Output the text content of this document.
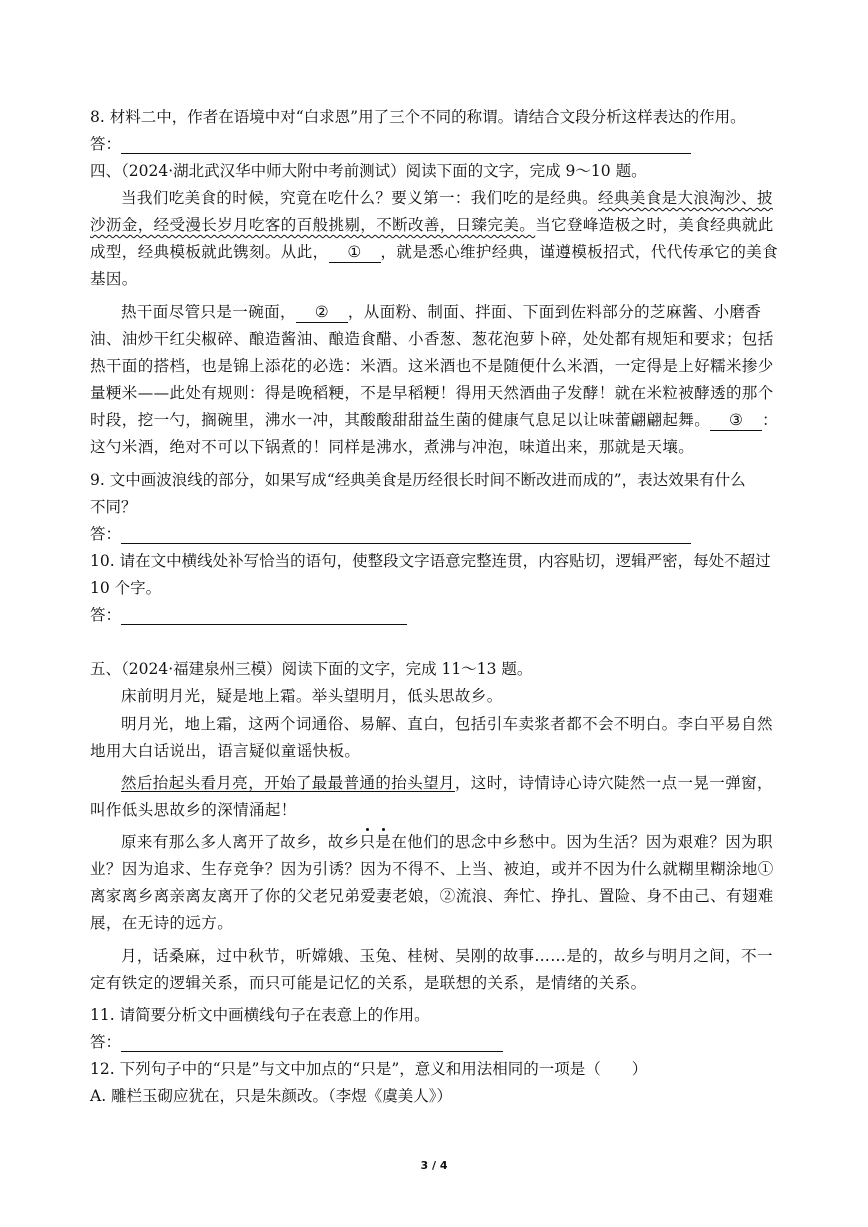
8. 材料二中，作者在语境中对“白求恩”用了三个不同的称谓。请结合文段分析这样表达的作用。
答：
四、（2024·湖北武汉华中师大附中考前测试）阅读下面的文字，完成 9～10 题。
当我们吃美食的时候，究竟在吃什么？要义第一：我们吃的是经典。经典美食是大浪淘沙、披
沙沥金，经受漫长岁月吃客的百般挑剔，不断改善，日臻完美。当它登峰造极之时，美食经典就此
成型，经典模板就此镌刻。从此， ① ，就是悉心维护经典，谨遵模板招式，代代传承它的美食
基因。
热干面尽管只是一碗面， ② ，从面粉、制面、拌面、下面到佐料部分的芝麻酱、小磨香
油、油炒干红尖椒碎、酿造酱油、酿造食醋、小香葱、葱花泡萝卜碎，处处都有规矩和要求；包括
热干面的搭档，也是锦上添花的必选：米酒。这米酒也不是随便什么米酒，一定得是上好糯米掺少
量粳米——此处有规则：得是晚稻粳，不是早稻粳！得用天然酒曲子发酵！就在米粒被酵透的那个
时段，挖一勺，搁碗里，沸水一冲，其酸酸甜甜益生菌的健康气息足以让味蕾翩翩起舞。 ③ ：
这勺米酒，绝对不可以下锅煮的！同样是沸水，煮沸与冲泡，味道出来，那就是天壤。
9. 文中画波浪线的部分，如果写成“经典美食是历经很长时间不断改进而成的”，表达效果有什么
不同？
答：
10. 请在文中横线处补写恰当的语句，使整段文字语意完整连贯，内容贴切，逻辑严密，每处不超过
10 个字。
答：
五、（2024·福建泉州三模）阅读下面的文字，完成 11～13 题。
床前明月光，疑是地上霜。举头望明月，低头思故乡。
明月光，地上霜，这两个词通俗、易解、直白，包括引车卖浆者都不会不明白。李白平易自然
地用大白话说出，语言疑似童谣快板。
然后抬起头看月亮，开始了最最普通的抬头望月，这时，诗情诗心诗穴陡然一点一晃一弹窗，
叫作低头思故乡的深情涌起！
原来有那么多人离开了故乡，故乡只是在他们的思念中乡愁中。因为生活？因为艰难？因为职
业？因为追求、生存竞争？因为引诱？因为不得不、上当、被迫，或并不因为什么就糊里糊涂地①
离家离乡离亲离友离开了你的父老兄弟爱妻老娘，②流浪、奔忙、挣扎、置险、身不由己、有翅难
展，在无诗的远方。
月，话桑麻，过中秋节，听嫦娥、玉兔、桂树、吴刚的故事……是的，故乡与明月之间，不一
定有铁定的逻辑关系，而只可能是记忆的关系，是联想的关系，是情绪的关系。
11. 请简要分析文中画横线句子在表意上的作用。
答：
12. 下列句子中的“只是”与文中加点的“只是”，意义和用法相同的一项是（　　）
A. 雕栏玉砌应犹在，只是朱颜改。（李煜《虞美人》）
3 / 4
